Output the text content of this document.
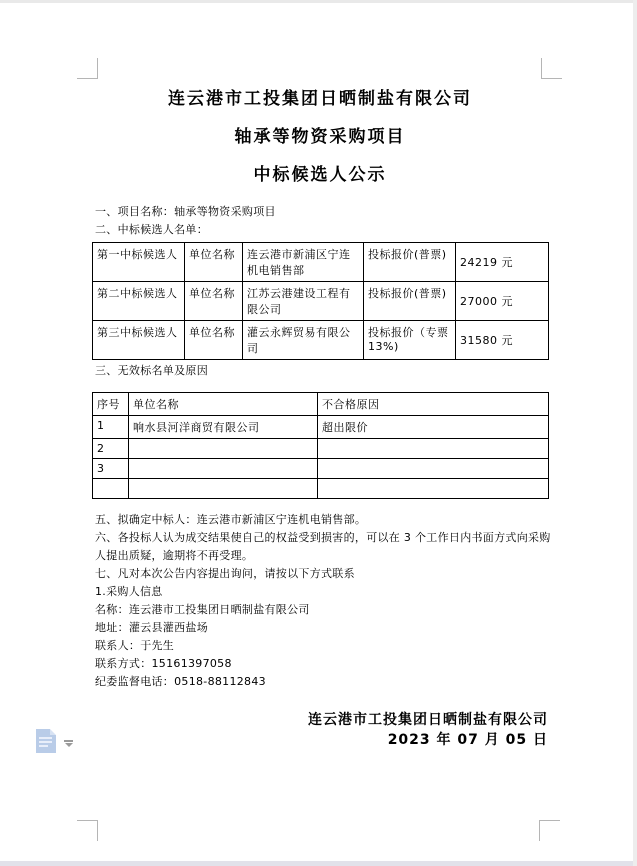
连云港市工投集团日晒制盐有限公司
轴承等物资采购项目
中标候选人公示
一、项目名称：轴承等物资采购项目
二、中标候选人名单：
第一中标候选人	单位名称	连云港市新浦区宁连机电销售部	投标报价(普票)	24219 元
第二中标候选人	单位名称	江苏云港建设工程有限公司	投标报价(普票)	27000 元
第三中标候选人	单位名称	灌云永辉贸易有限公司	投标报价（专票 13%)	31580 元
三、无效标名单及原因
序号	单位名称	不合格原因
1	响水县河洋商贸有限公司	超出限价
2		
3		

五、拟确定中标人：连云港市新浦区宁连机电销售部。
六、各投标人认为成交结果使自己的权益受到损害的，可以在 3 个工作日内书面方式向采购
人提出质疑，逾期将不再受理。
七、凡对本次公告内容提出询问，请按以下方式联系
1.采购人信息
名称：连云港市工投集团日晒制盐有限公司
地址：灌云县灌西盐场
联系人：于先生
联系方式：15161397058
纪委监督电话：0518-88112843
连云港市工投集团日晒制盐有限公司
2023 年 07 月 05 日
